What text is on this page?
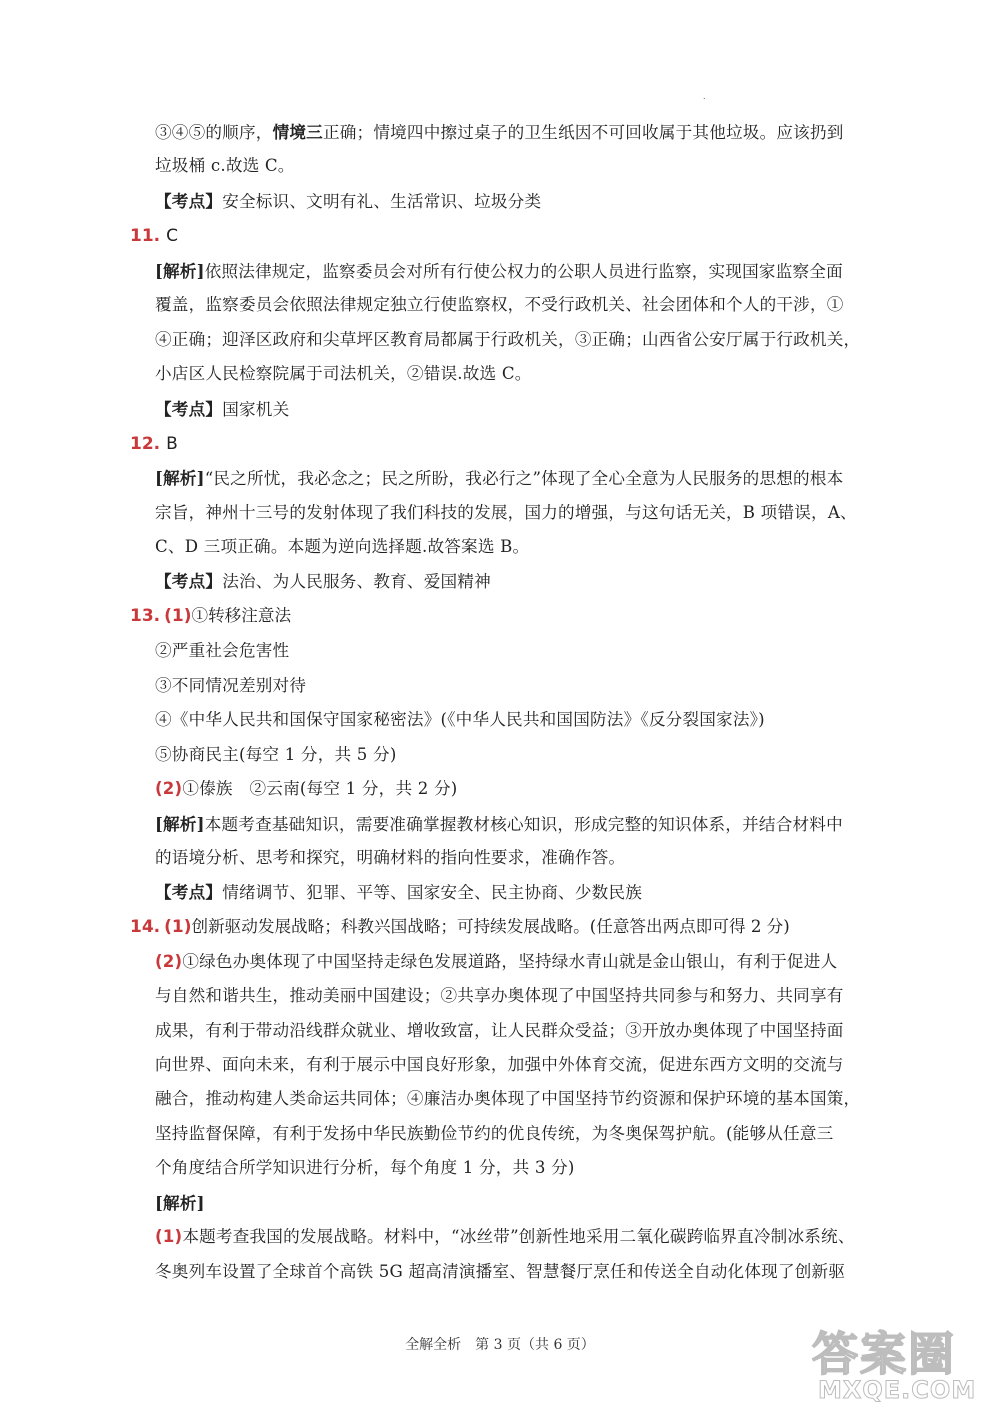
.
③④⑤的顺序，情境三正确；情境四中擦过桌子的卫生纸因不可回收属于其他垃圾。应该扔到
垃圾桶 c.故选 C。
【考点】安全标识、文明有礼、生活常识、垃圾分类
11. C
[解析]依照法律规定，监察委员会对所有行使公权力的公职人员进行监察，实现国家监察全面
覆盖，监察委员会依照法律规定独立行使监察权，不受行政机关、社会团体和个人的干涉，①
④正确；迎泽区政府和尖草坪区教育局都属于行政机关，③正确；山西省公安厅属于行政机关，
小店区人民检察院属于司法机关，②错误.故选 C。
【考点】国家机关
12. B
[解析]“民之所忧，我必念之；民之所盼，我必行之”体现了全心全意为人民服务的思想的根本
宗旨，神州十三号的发射体现了我们科技的发展，国力的增强，与这句话无关，B 项错误，A、
C、D 三项正确。本题为逆向选择题.故答案选 B。
【考点】法治、为人民服务、教育、爱国精神
13. (1)①转移注意法
②严重社会危害性
③不同情况差别对待
④《中华人民共和国保守国家秘密法》(《中华人民共和国国防法》《反分裂国家法》)
⑤协商民主(每空 1 分，共 5 分)
(2)①傣族　②云南(每空 1 分，共 2 分)
[解析]本题考查基础知识，需要准确掌握教材核心知识，形成完整的知识体系，并结合材料中
的语境分析、思考和探究，明确材料的指向性要求，准确作答。
【考点】情绪调节、犯罪、平等、国家安全、民主协商、少数民族
14. (1)创新驱动发展战略；科教兴国战略；可持续发展战略。(任意答出两点即可得 2 分)
(2)①绿色办奥体现了中国坚持走绿色发展道路，坚持绿水青山就是金山银山，有利于促进人
与自然和谐共生，推动美丽中国建设；②共享办奥体现了中国坚持共同参与和努力、共同享有
成果，有利于带动沿线群众就业、增收致富，让人民群众受益；③开放办奥体现了中国坚持面
向世界、面向未来，有利于展示中国良好形象，加强中外体育交流，促进东西方文明的交流与
融合，推动构建人类命运共同体；④廉洁办奥体现了中国坚持节约资源和保护环境的基本国策，
坚持监督保障，有利于发扬中华民族勤俭节约的优良传统，为冬奥保驾护航。(能够从任意三
个角度结合所学知识进行分析，每个角度 1 分，共 3 分)
[解析]
(1)本题考查我国的发展战略。材料中，“冰丝带”创新性地采用二氧化碳跨临界直冷制冰系统、
冬奥列车设置了全球首个高铁 5G 超高清演播室、智慧餐厅烹任和传送全自动化体现了创新驱
全解全析　第 3 页（共 6 页）	答案圈
MXQE.COM
